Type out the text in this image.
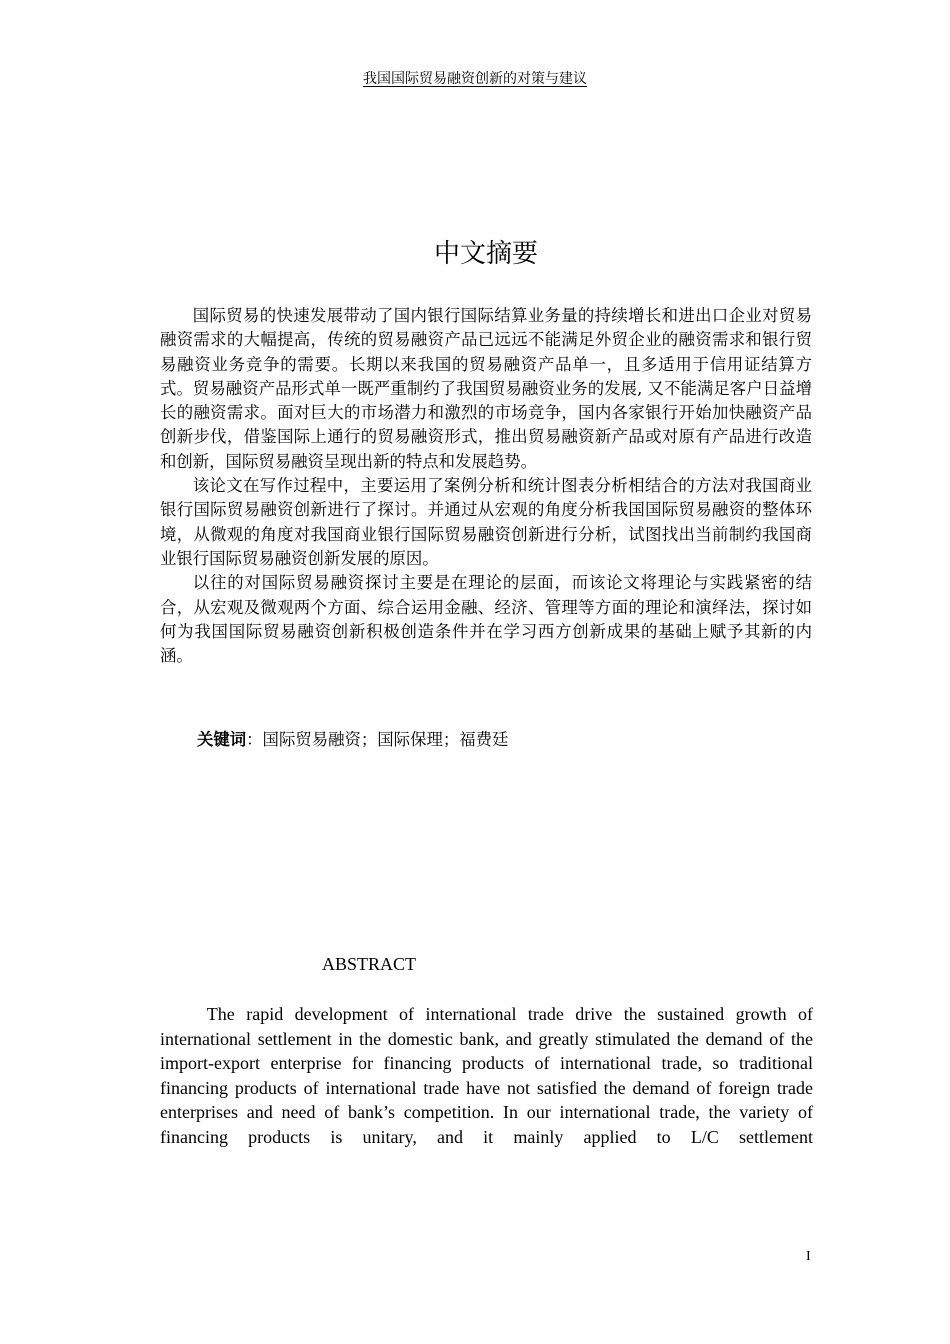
我国国际贸易融资创新的对策与建议
中文摘要

国际贸易的快速发展带动了国内银行国际结算业务量的持续增长和进出口企业对贸易融资需求的大幅提高，传统的贸易融资产品已远远不能满足外贸企业的融资需求和银行贸易融资业务竞争的需要。长期以来我国的贸易融资产品单一，且多适用于信用证结算方式。贸易融资产品形式单一既严重制约了我国贸易融资业务的发展, 又不能满足客户日益增长的融资需求。面对巨大的市场潜力和激烈的市场竞争，国内各家银行开始加快融资产品创新步伐，借鉴国际上通行的贸易融资形式，推出贸易融资新产品或对原有产品进行改造和创新，国际贸易融资呈现出新的特点和发展趋势。

该论文在写作过程中，主要运用了案例分析和统计图表分析相结合的方法对我国商业银行国际贸易融资创新进行了探讨。并通过从宏观的角度分析我国国际贸易融资的整体环境，从微观的角度对我国商业银行国际贸易融资创新进行分析，试图找出当前制约我国商业银行国际贸易融资创新发展的原因。

以往的对国际贸易融资探讨主要是在理论的层面，而该论文将理论与实践紧密的结合，从宏观及微观两个方面、综合运用金融、经济、管理等方面的理论和演绎法，探讨如何为我国国际贸易融资创新积极创造条件并在学习西方创新成果的基础上赋予其新的内涵。

关键词：国际贸易融资；国际保理；福费廷
ABSTRACT

The rapid development of international trade drive the sustained growth of international settlement in the domestic bank, and greatly stimulated the demand of the import-export enterprise for financing products of international trade, so traditional financing products of international trade have not satisfied the demand of foreign trade enterprises and need of bank’s competition. In our international trade, the variety of financing products is unitary, and it mainly applied to L/C settlement

I
